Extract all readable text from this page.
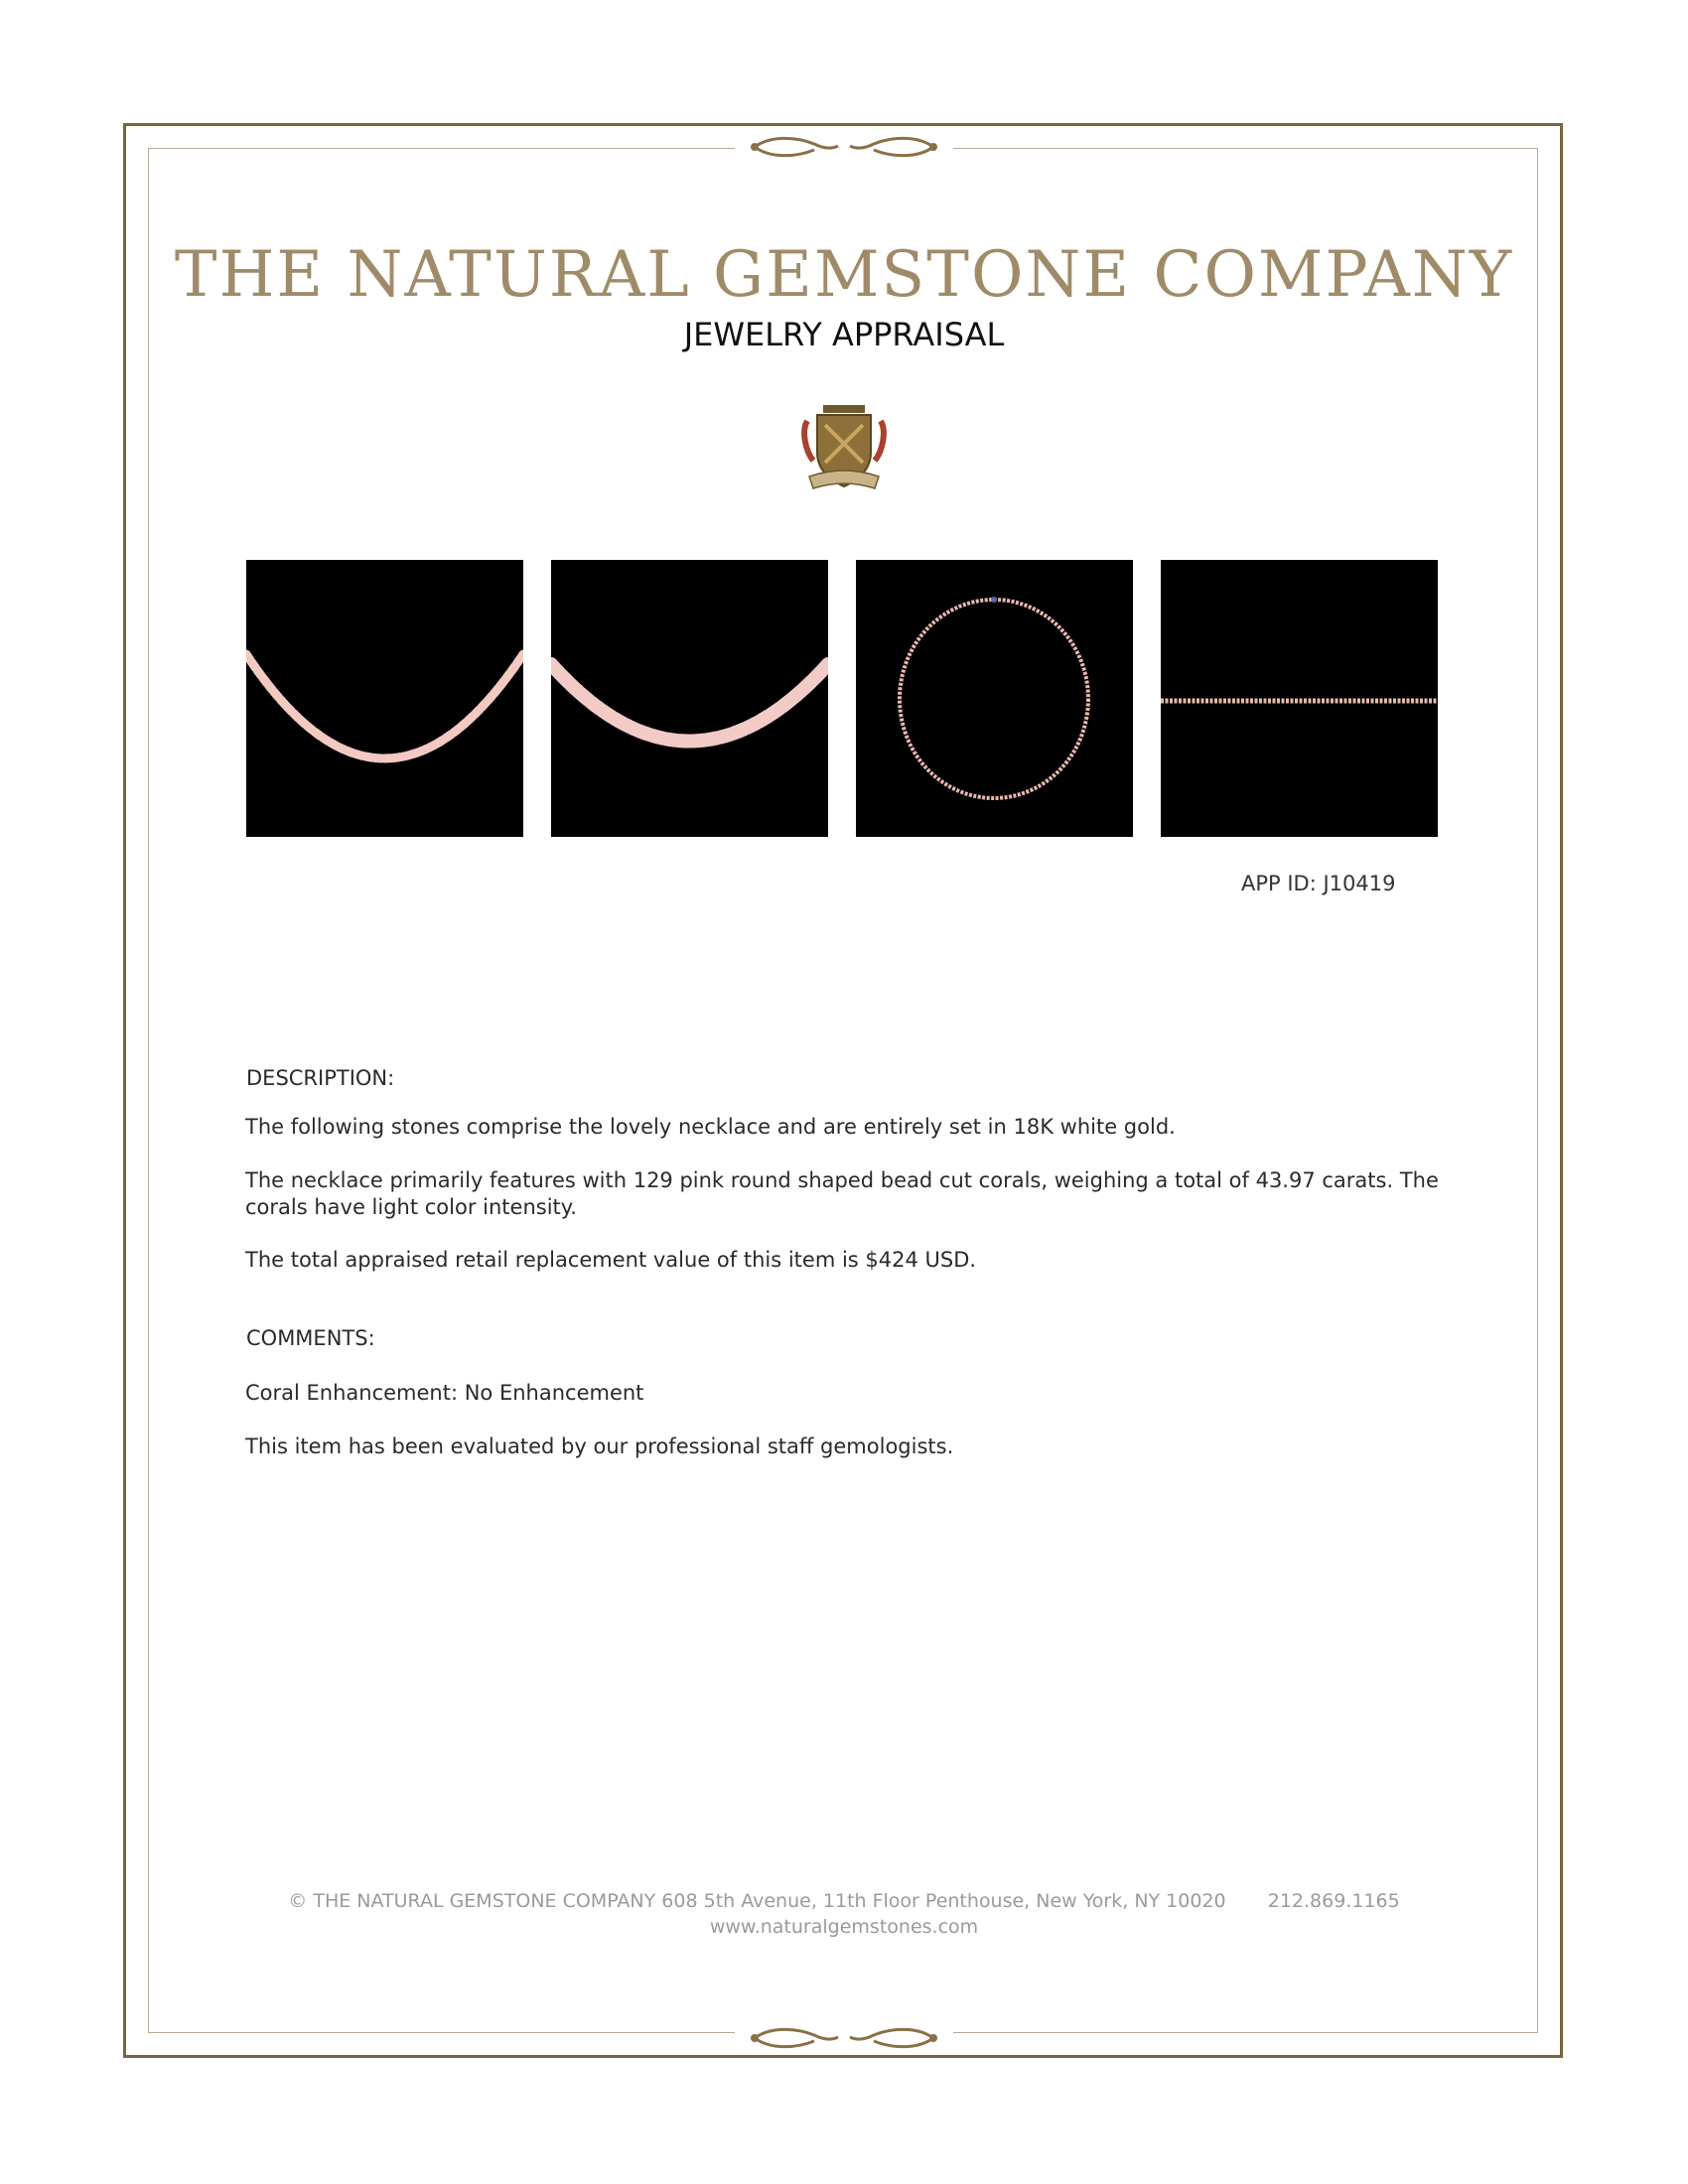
THE NATURAL GEMSTONE COMPANY
JEWELRY APPRAISAL
APP ID: J10419
DESCRIPTION:
The following stones comprise the lovely necklace and are entirely set in 18K white gold.
The necklace primarily features with 129 pink round shaped bead cut corals, weighing a total of 43.97 carats. The corals have light color intensity.
The total appraised retail replacement value of this item is $424 USD.
COMMENTS:
Coral Enhancement: No Enhancement
This item has been evaluated by our professional staff gemologists.
© THE NATURAL GEMSTONE COMPANY 608 5th Avenue, 11th Floor Penthouse, New York, NY 10020 212.869.1165
www.naturalgemstones.com
